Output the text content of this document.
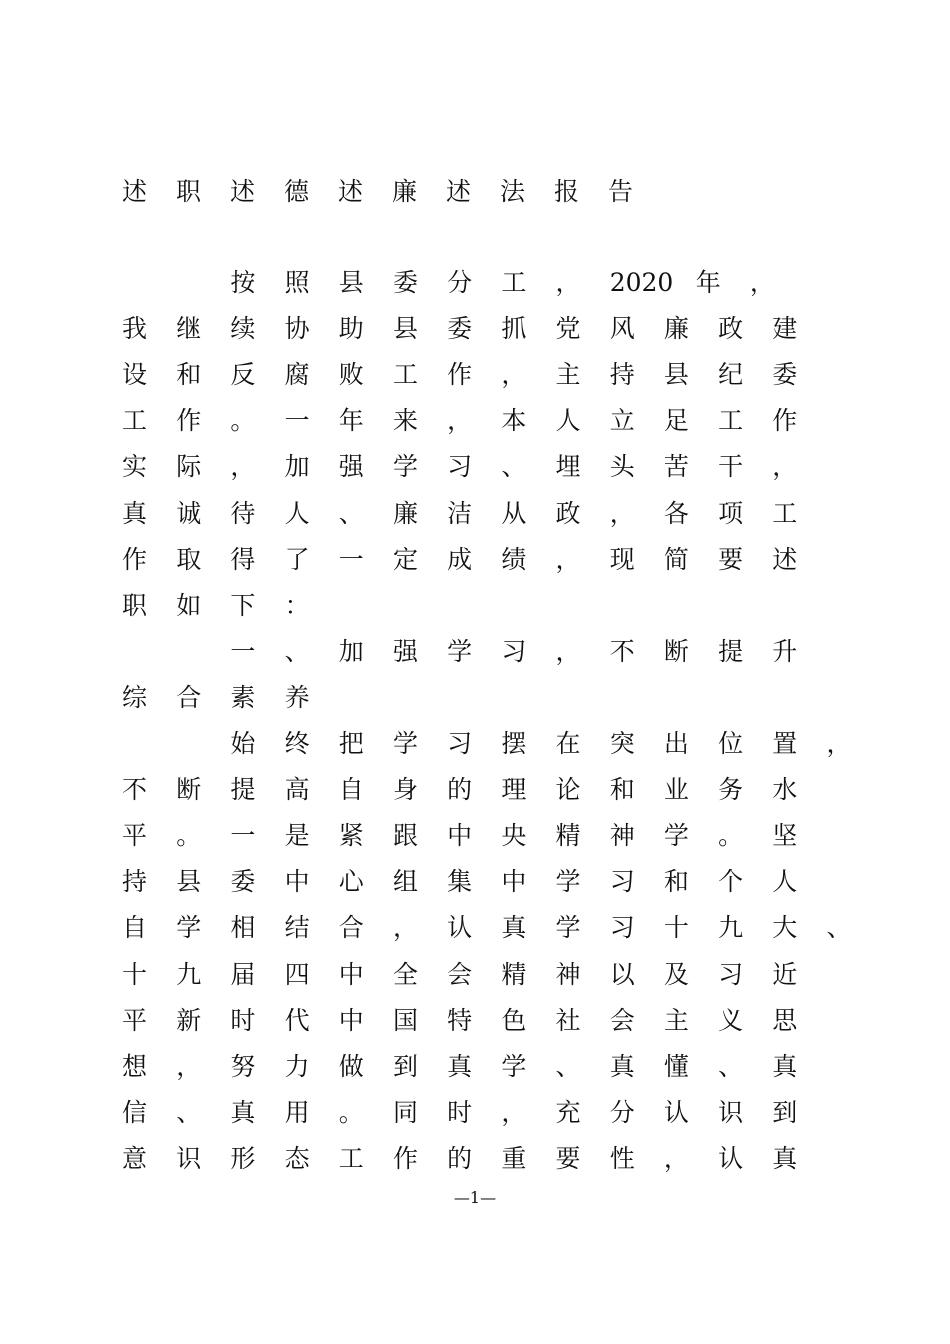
述职述德述廉述法报告

按	照	县	委	分	工	，	2020 年	，
我	继	续	协	助	县	委	抓	党	风	廉	政	建
设	和	反	腐	败	工	作	，	主	持	县	纪	委
工	作	。	一	年	来	，	本	人	立	足	工	作
实	际	，	加	强	学	习	、	埋	头	苦	干	，
真	诚	待	人	、	廉	洁	从	政	，	各	项	工
作	取	得	了	一	定	成	绩	，	现	简	要	述
职	如	下	：

一	、	加	强	学	习	，	不	断	提	升
综	合	素	养

始	终	把	学	习	摆	在	突	出	位	置	，
不	断	提	高	自	身	的	理	论	和	业	务	水
平	。	一	是	紧	跟	中	央	精	神	学	。	坚
持	县	委	中	心	组	集	中	学	习	和	个	人
自	学	相	结	合	，	认	真	学	习	十	九	大	、
十	九	届	四	中	全	会	精	神	以	及	习	近
平	新	时	代	中	国	特	色	社	会	主	义	思
想	，	努	力	做	到	真	学	、	真	懂	、	真
信	、	真	用	。	同	时	，	充	分	认	识	到
意	识	形	态	工	作	的	重	要	性	，	认	真
—1—
